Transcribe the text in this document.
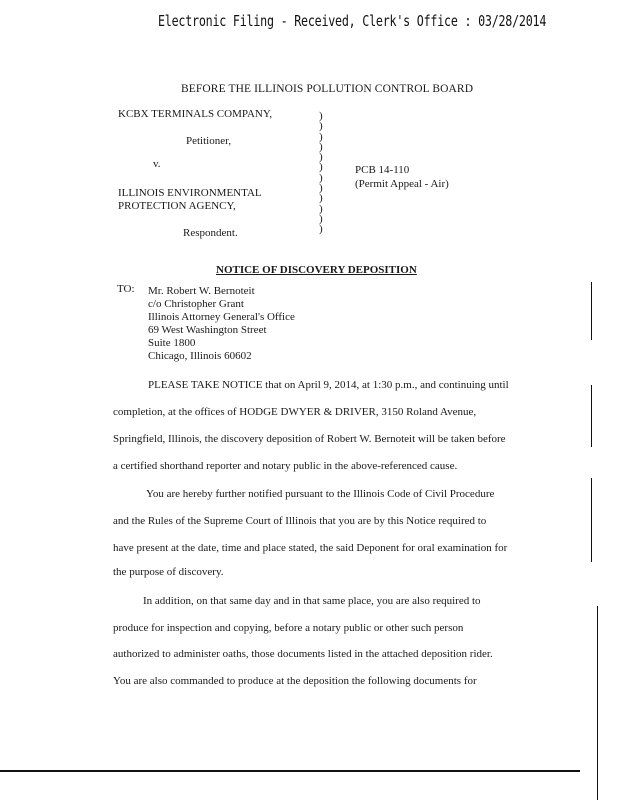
Electronic Filing - Received, Clerk's Office : 03/28/2014
BEFORE THE ILLINOIS POLLUTION CONTROL BOARD
KCBX TERMINALS COMPANY,
Petitioner,
v.
ILLINOIS ENVIRONMENTAL
PROTECTION AGENCY,
Respondent.
)
)
)
)
)
)
)
)
)
)
)
)
PCB 14-110
(Permit Appeal - Air)
NOTICE OF DISCOVERY DEPOSITION
TO: Mr. Robert W. Bernoteit
c/o Christopher Grant
Illinois Attorney General's Office
69 West Washington Street
Suite 1800
Chicago, Illinois 60602
PLEASE TAKE NOTICE that on April 9, 2014, at 1:30 p.m., and continuing until
completion, at the offices of HODGE DWYER & DRIVER, 3150 Roland Avenue,
Springfield, Illinois, the discovery deposition of Robert W. Bernoteit will be taken before
a certified shorthand reporter and notary public in the above-referenced cause.
You are hereby further notified pursuant to the Illinois Code of Civil Procedure
and the Rules of the Supreme Court of Illinois that you are by this Notice required to
have present at the date, time and place stated, the said Deponent for oral examination for
the purpose of discovery.
In addition, on that same day and in that same place, you are also required to
produce for inspection and copying, before a notary public or other such person
authorized to administer oaths, those documents listed in the attached deposition rider.
You are also commanded to produce at the deposition the following documents for
